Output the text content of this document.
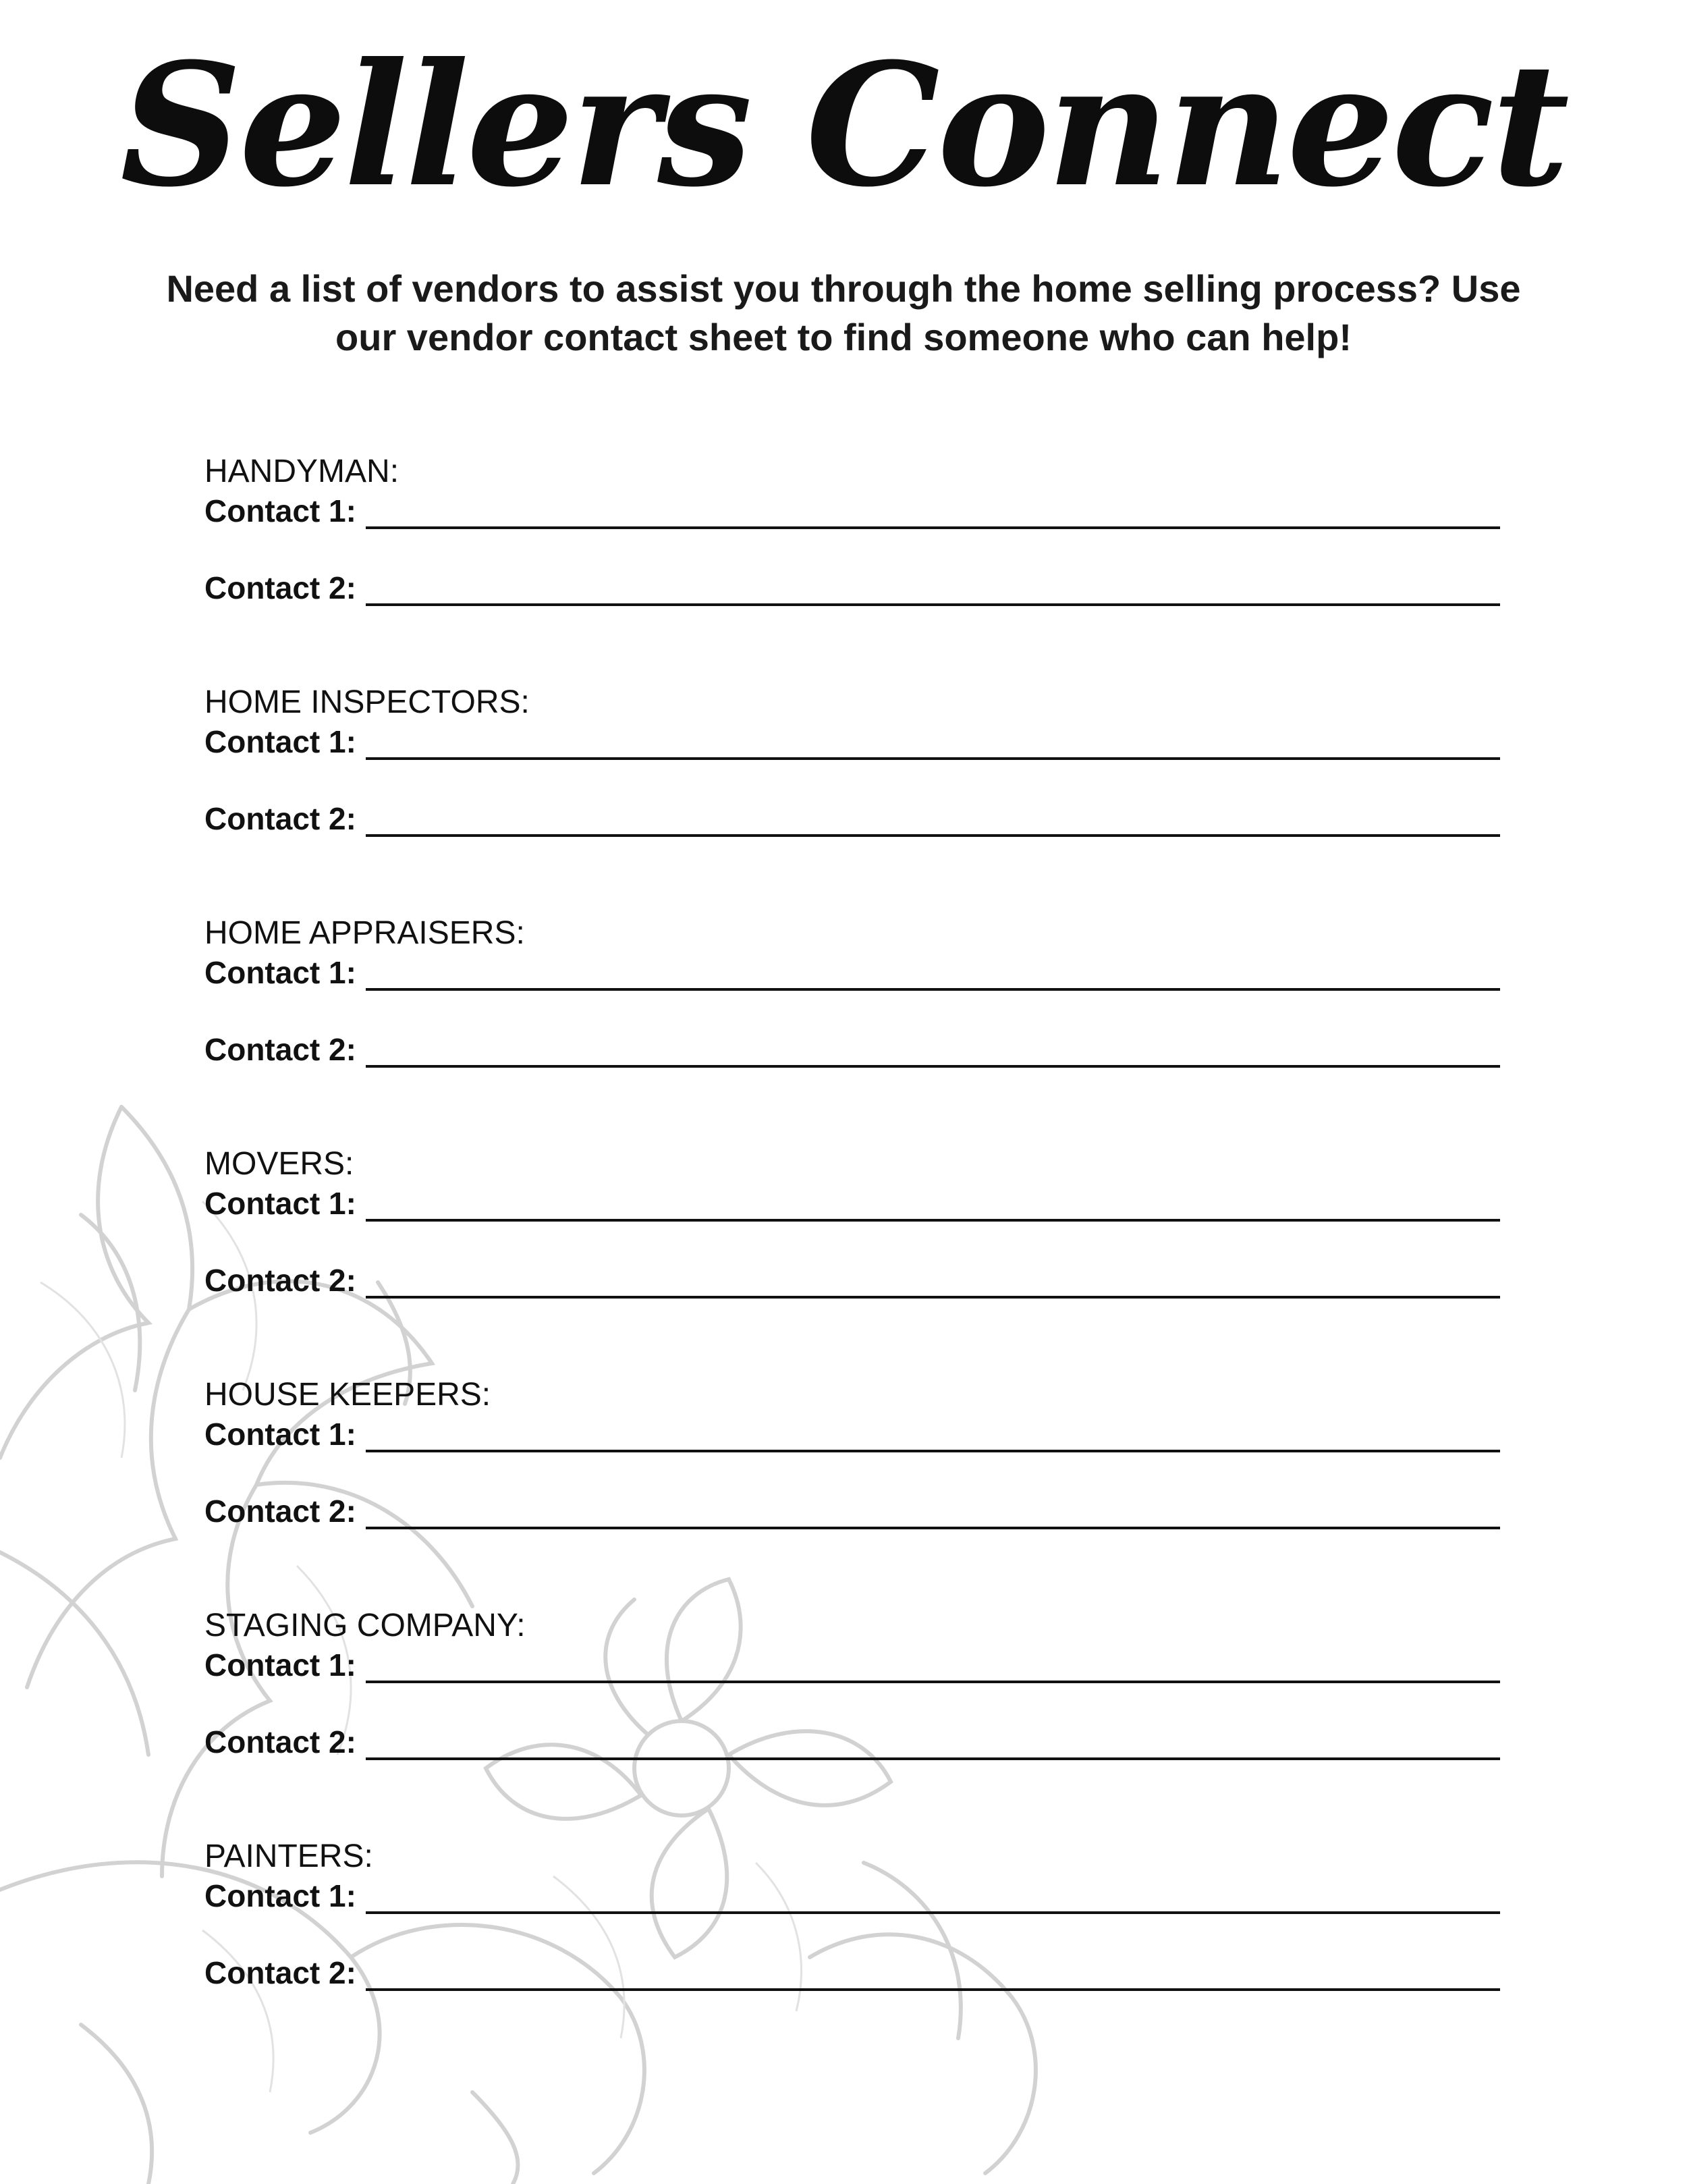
Sellers Connect
Need a list of vendors to assist you through the home selling process? Use our vendor contact sheet to find someone who can help!
HANDYMAN:
Contact 1:
Contact 2:
HOME INSPECTORS:
Contact 1:
Contact 2:
HOME APPRAISERS:
Contact 1:
Contact 2:
MOVERS:
Contact 1:
Contact 2:
HOUSE KEEPERS:
Contact 1:
Contact 2:
STAGING COMPANY:
Contact 1:
Contact 2:
PAINTERS:
Contact 1:
Contact 2:
